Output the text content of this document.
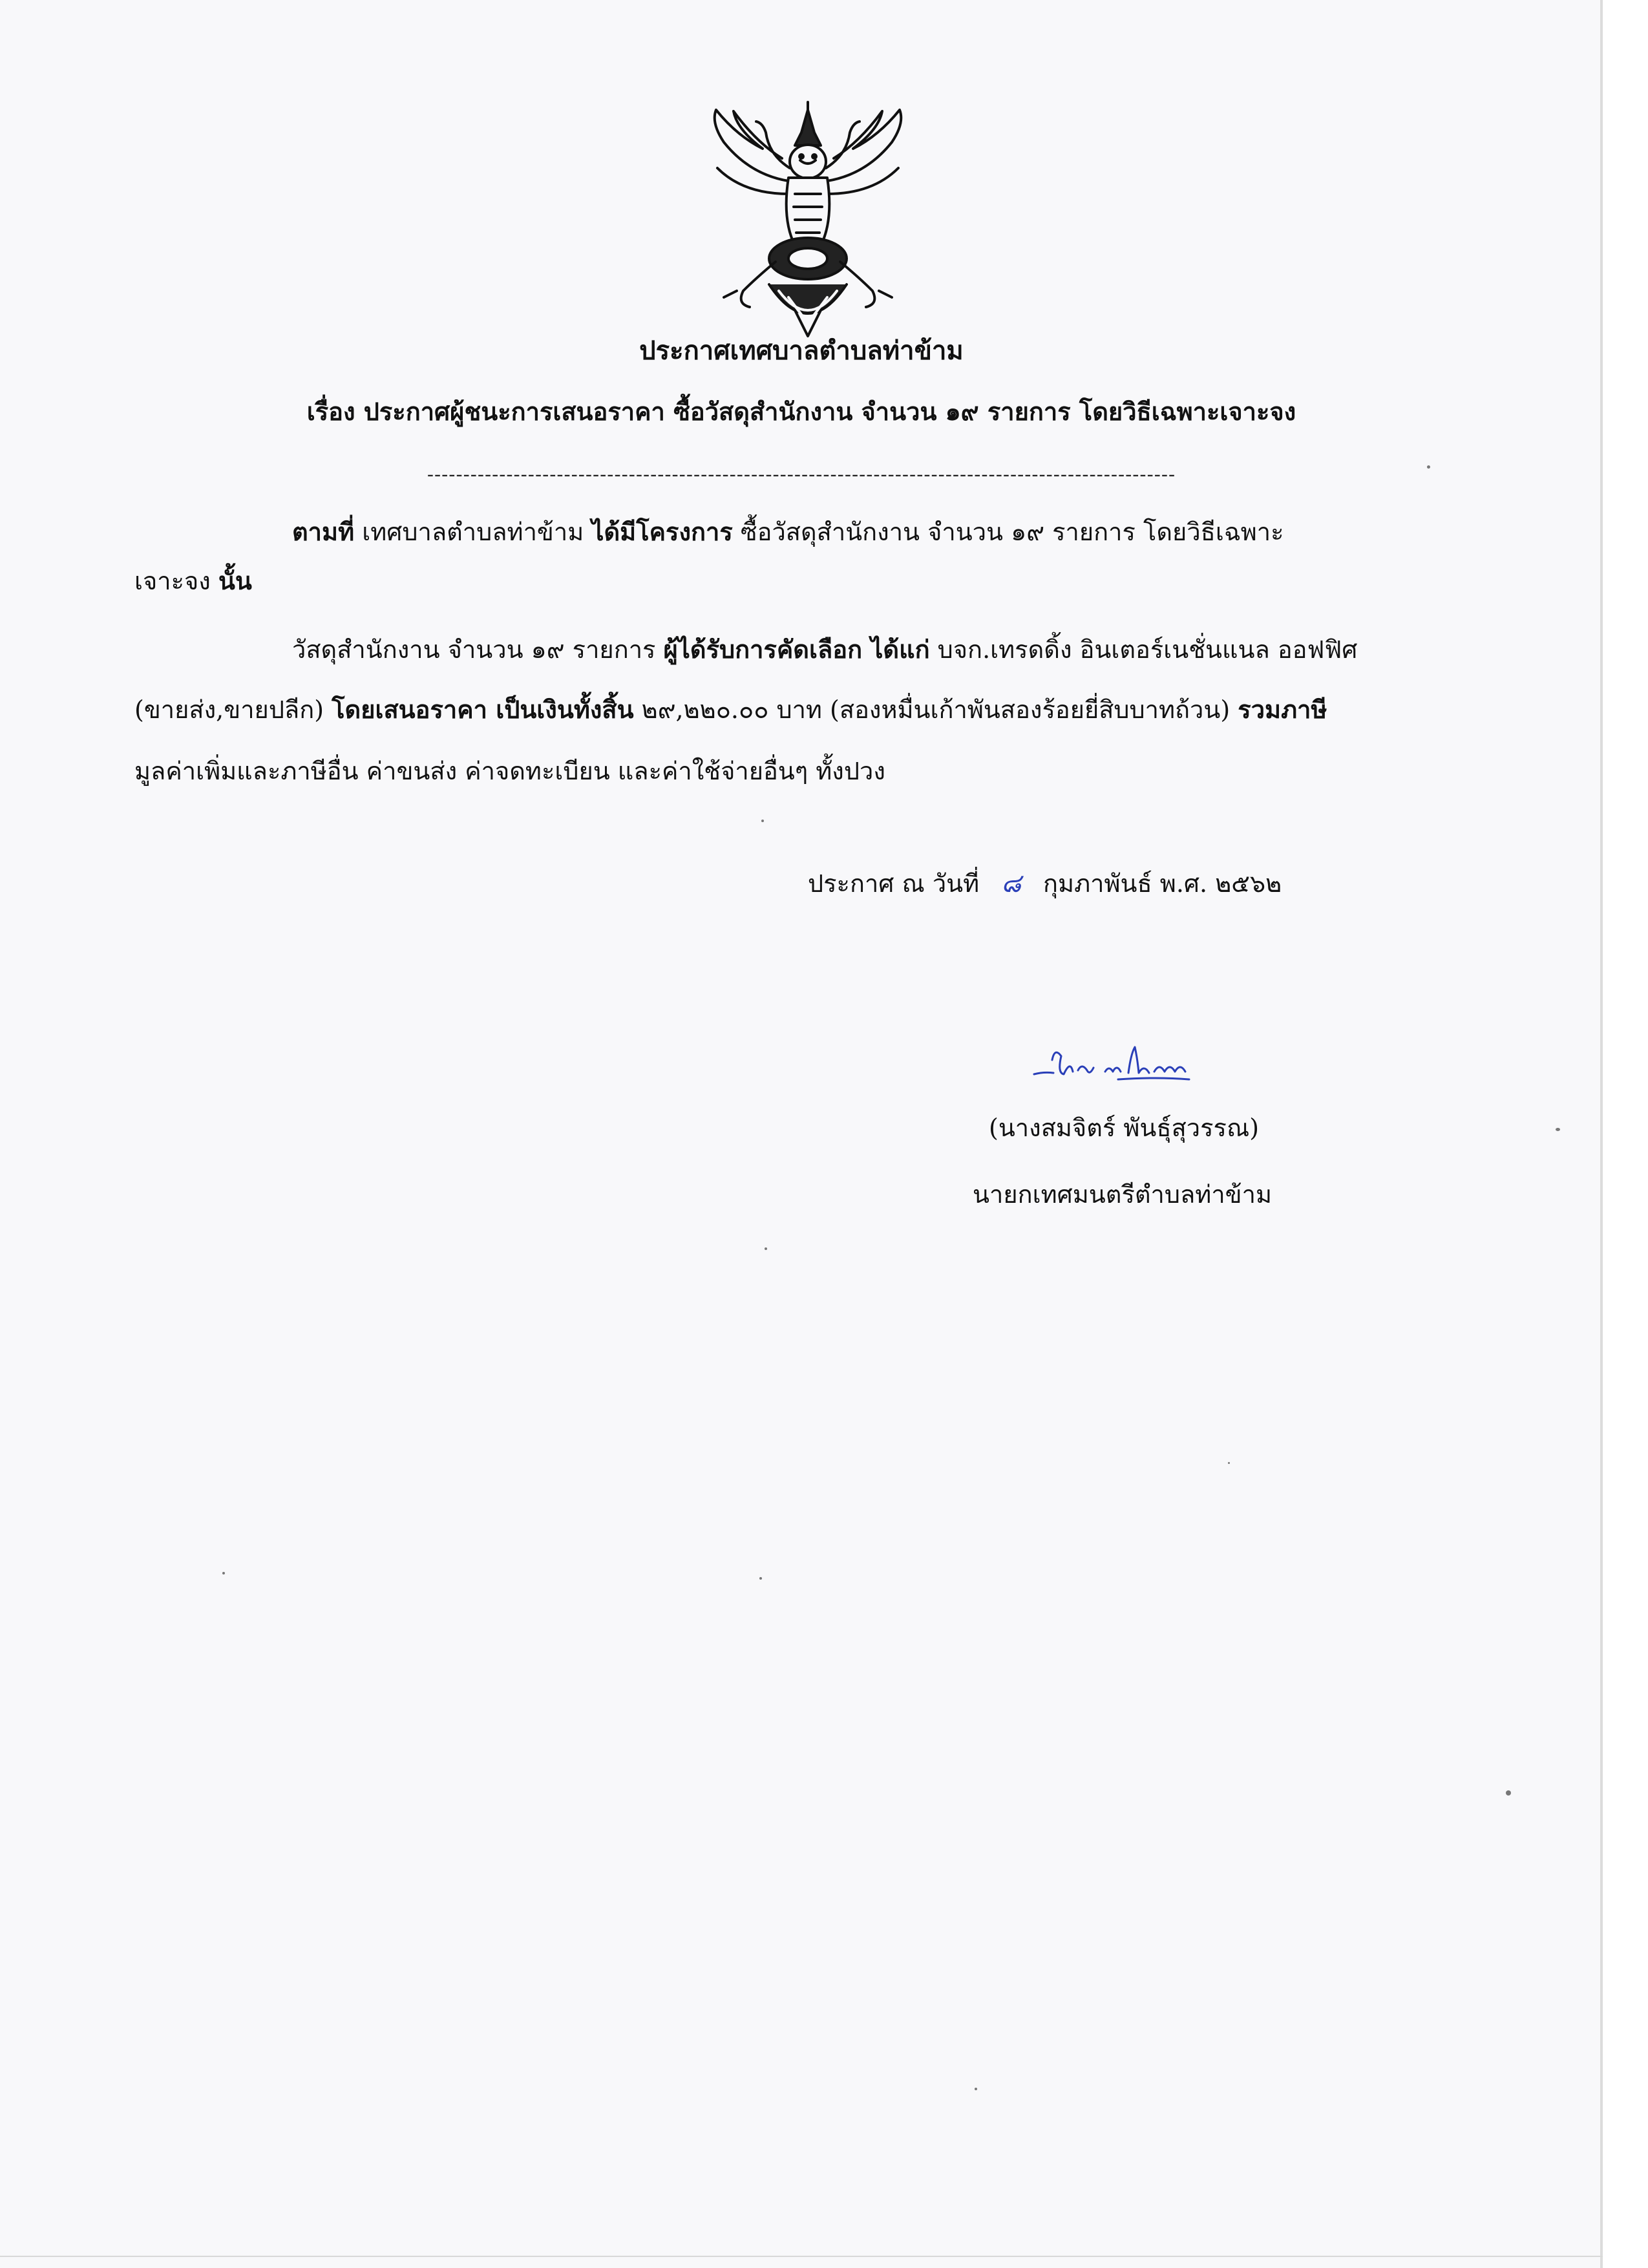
ประกาศเทศบาลตำบลท่าข้าม
เรื่อง ประกาศผู้ชนะการเสนอราคา ซื้อวัสดุสำนักงาน จำนวน ๑๙ รายการ โดยวิธีเฉพาะเจาะจง
--------------------------------------------------------------------------------------------------------
ตามที่ เทศบาลตำบลท่าข้าม ได้มีโครงการ ซื้อวัสดุสำนักงาน จำนวน ๑๙ รายการ โดยวิธีเฉพาะ
เจาะจง นั้น
วัสดุสำนักงาน จำนวน ๑๙ รายการ ผู้ได้รับการคัดเลือก ได้แก่ บจก.เทรดดิ้ง อินเตอร์เนชั่นแนล ออฟฟิศ
(ขายส่ง,ขายปลีก) โดยเสนอราคา เป็นเงินทั้งสิ้น ๒๙,๒๒๐.๐๐ บาท (สองหมื่นเก้าพันสองร้อยยี่สิบบาทถ้วน) รวมภาษี
มูลค่าเพิ่มและภาษีอื่น ค่าขนส่ง ค่าจดทะเบียน และค่าใช้จ่ายอื่นๆ ทั้งปวง
ประกาศ ณ วันที่ ๘ กุมภาพันธ์ พ.ศ. ๒๕๖๒
(นางสมจิตร์ พันธุ์สุวรรณ)
นายกเทศมนตรีตำบลท่าข้าม
